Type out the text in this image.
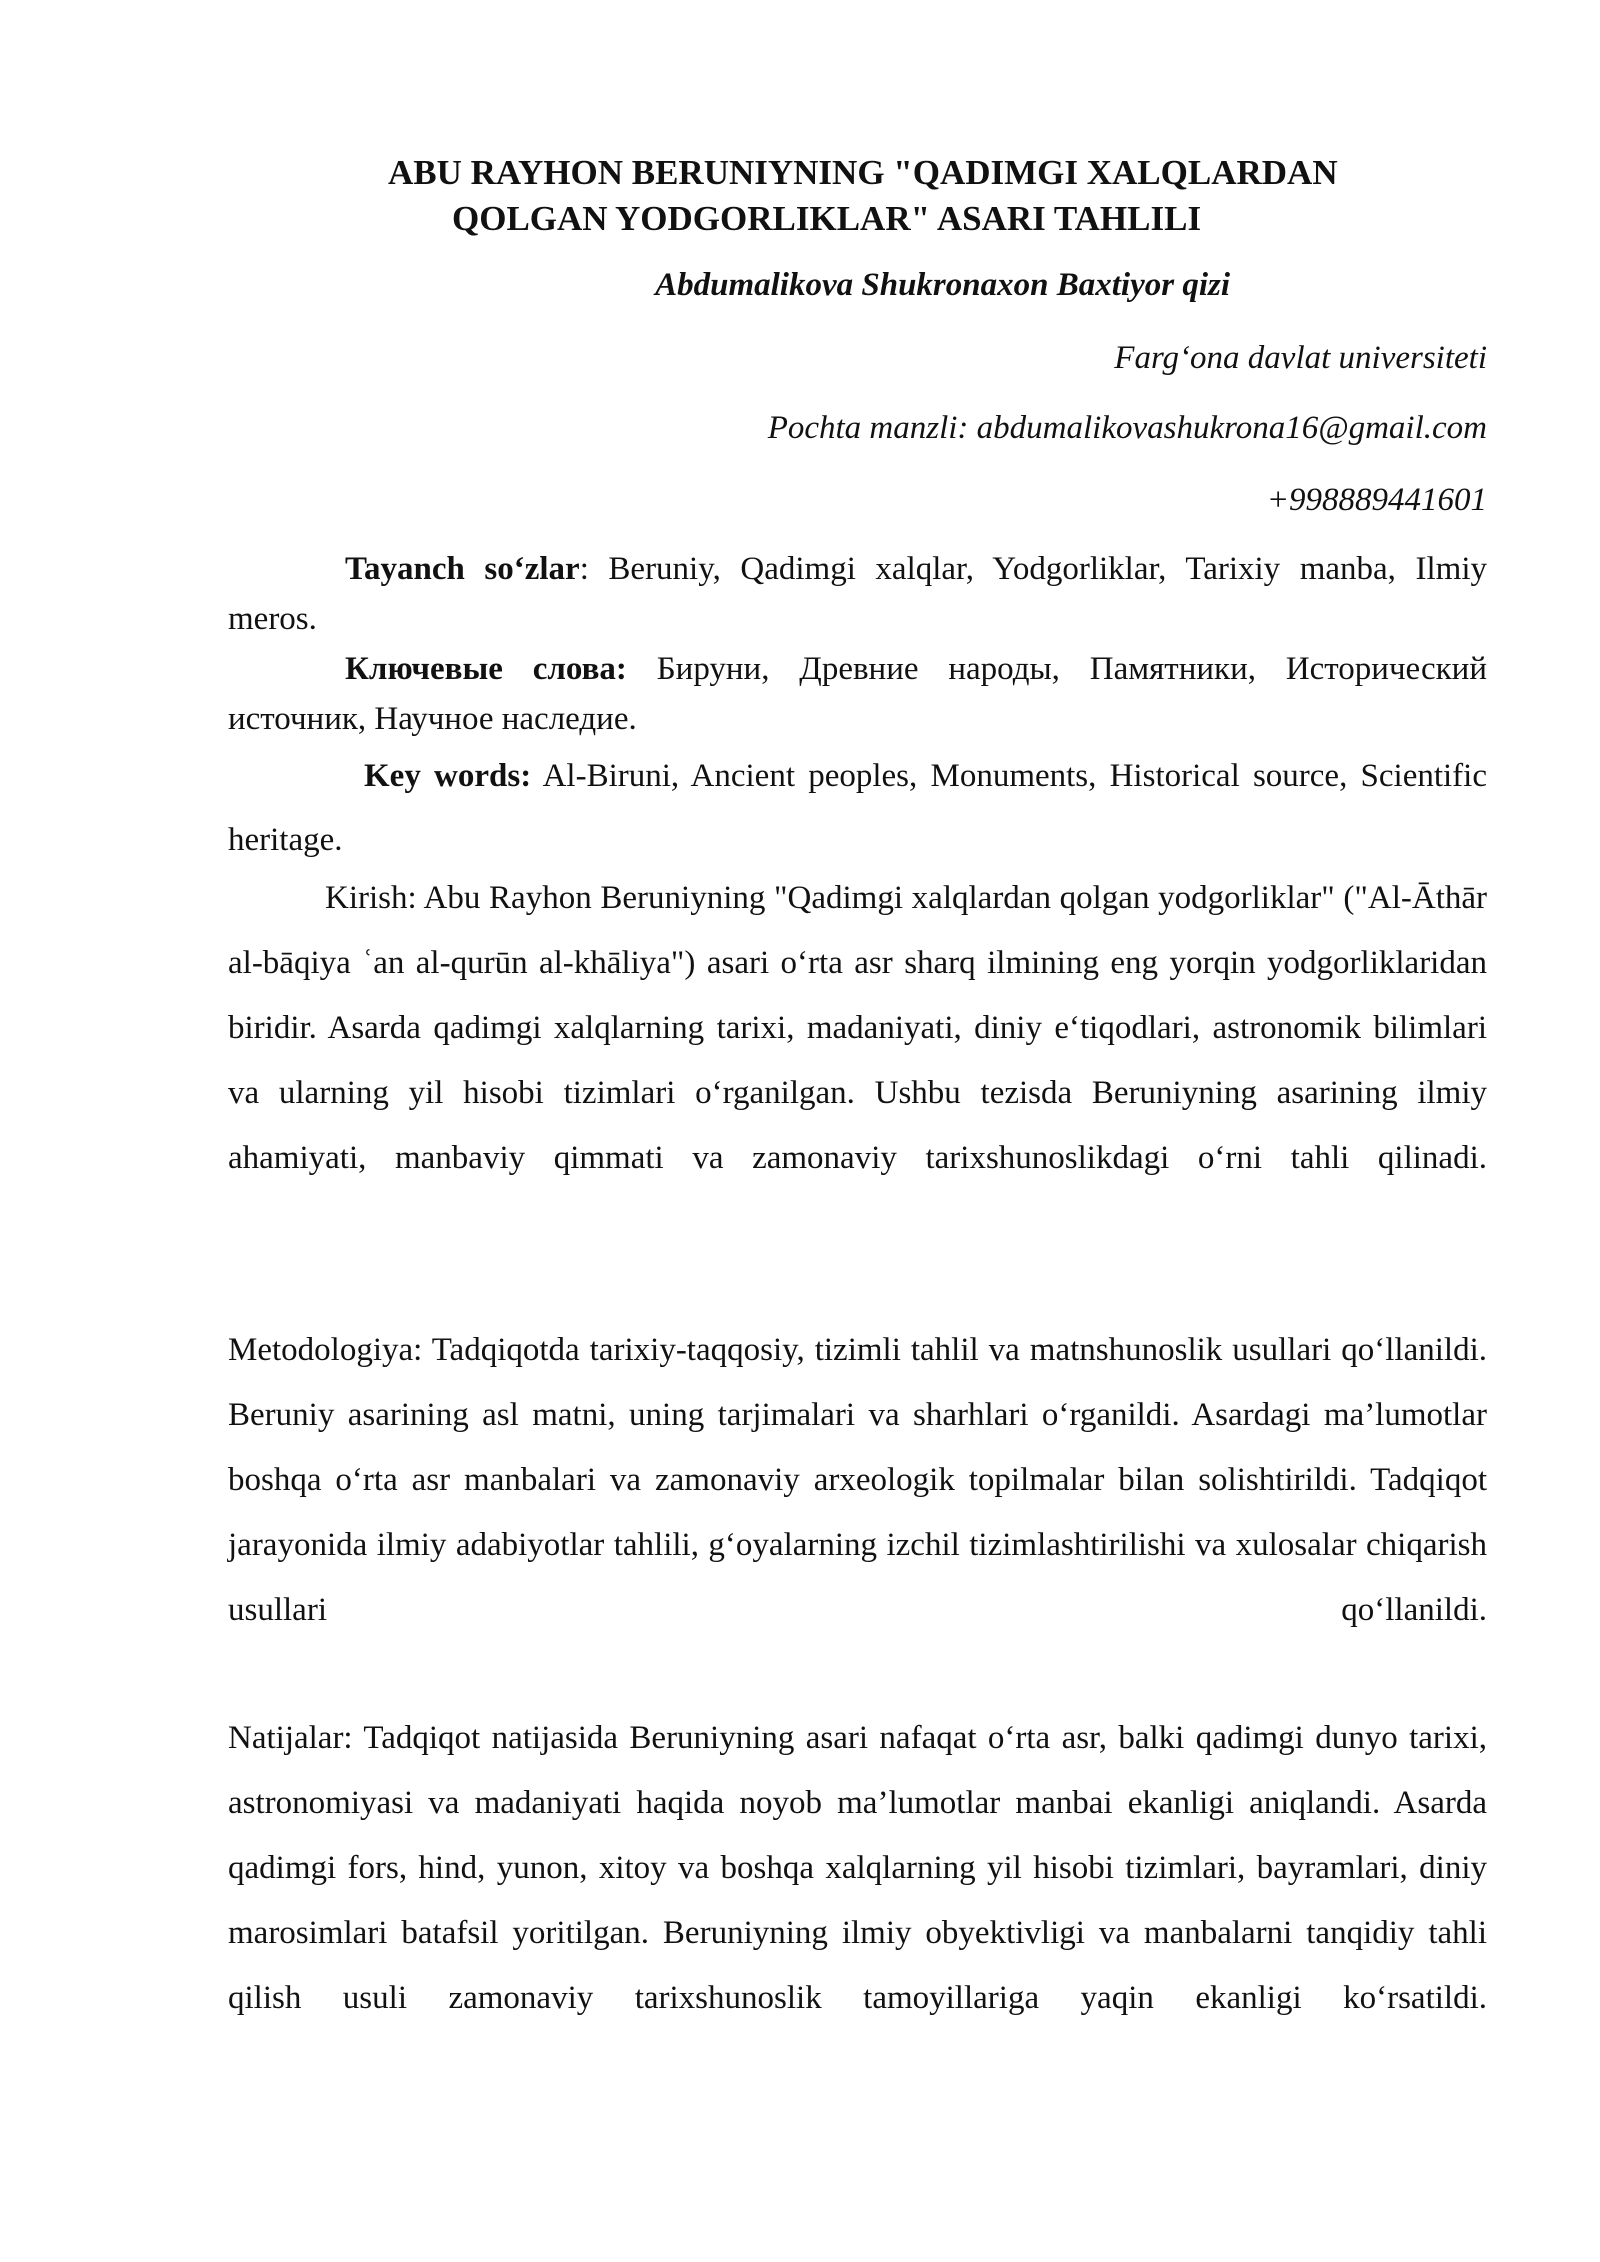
ABU RAYHON BERUNIYNING "QADIMGI XALQLARDAN
QOLGAN YODGORLIKLAR" ASARI TAHLILI

Abdumalikova Shukronaxon Baxtiyor qizi

Farg‘ona davlat universiteti

Pochta manzli: abdumalikovashukrona16@gmail.com

+998889441601

Tayanch so‘zlar: Beruniy, Qadimgi xalqlar, Yodgorliklar, Tarixiy manba, Ilmiy meros.

Ключевые слова: Бируни, Древние народы, Памятники, Исторический источник, Научное наследие.

Key words: Al-Biruni, Ancient peoples, Monuments, Historical source, Scientific heritage.

Kirish: Abu Rayhon Beruniyning "Qadimgi xalqlardan qolgan yodgorliklar" ("Al-Āthār al-bāqiya ʿan al-qurūn al-khāliya") asari o‘rta asr sharq ilmining eng yorqin yodgorliklaridan biridir. Asarda qadimgi xalqlarning tarixi, madaniyati, diniy e‘tiqodlari, astronomik bilimlari va ularning yil hisobi tizimlari o‘rganilgan. Ushbu tezisda Beruniyning asarining ilmiy ahamiyati, manbaviy qimmati va zamonaviy tarixshunoslikdagi o‘rni tahli qilinadi.

Metodologiya: Tadqiqotda tarixiy-taqqosiy, tizimli tahlil va matnshunoslik usullari qo‘llanildi. Beruniy asarining asl matni, uning tarjimalari va sharhlari o‘rganildi. Asardagi ma’lumotlar boshqa o‘rta asr manbalari va zamonaviy arxeologik topilmalar bilan solishtirildi. Tadqiqot jarayonida ilmiy adabiyotlar tahlili, g‘oyalarning izchil tizimlashtirilishi va xulosalar chiqarish usullari qo‘llanildi.

Natijalar: Tadqiqot natijasida Beruniyning asari nafaqat o‘rta asr, balki qadimgi dunyo tarixi, astronomiyasi va madaniyati haqida noyob ma’lumotlar manbai ekanligi aniqlandi. Asarda qadimgi fors, hind, yunon, xitoy va boshqa xalqlarning yil hisobi tizimlari, bayramlari, diniy marosimlari batafsil yoritilgan. Beruniyning ilmiy obyektivligi va manbalarni tanqidiy tahli qilish usuli zamonaviy tarixshunoslik tamoyillariga yaqin ekanligi ko‘rsatildi.
